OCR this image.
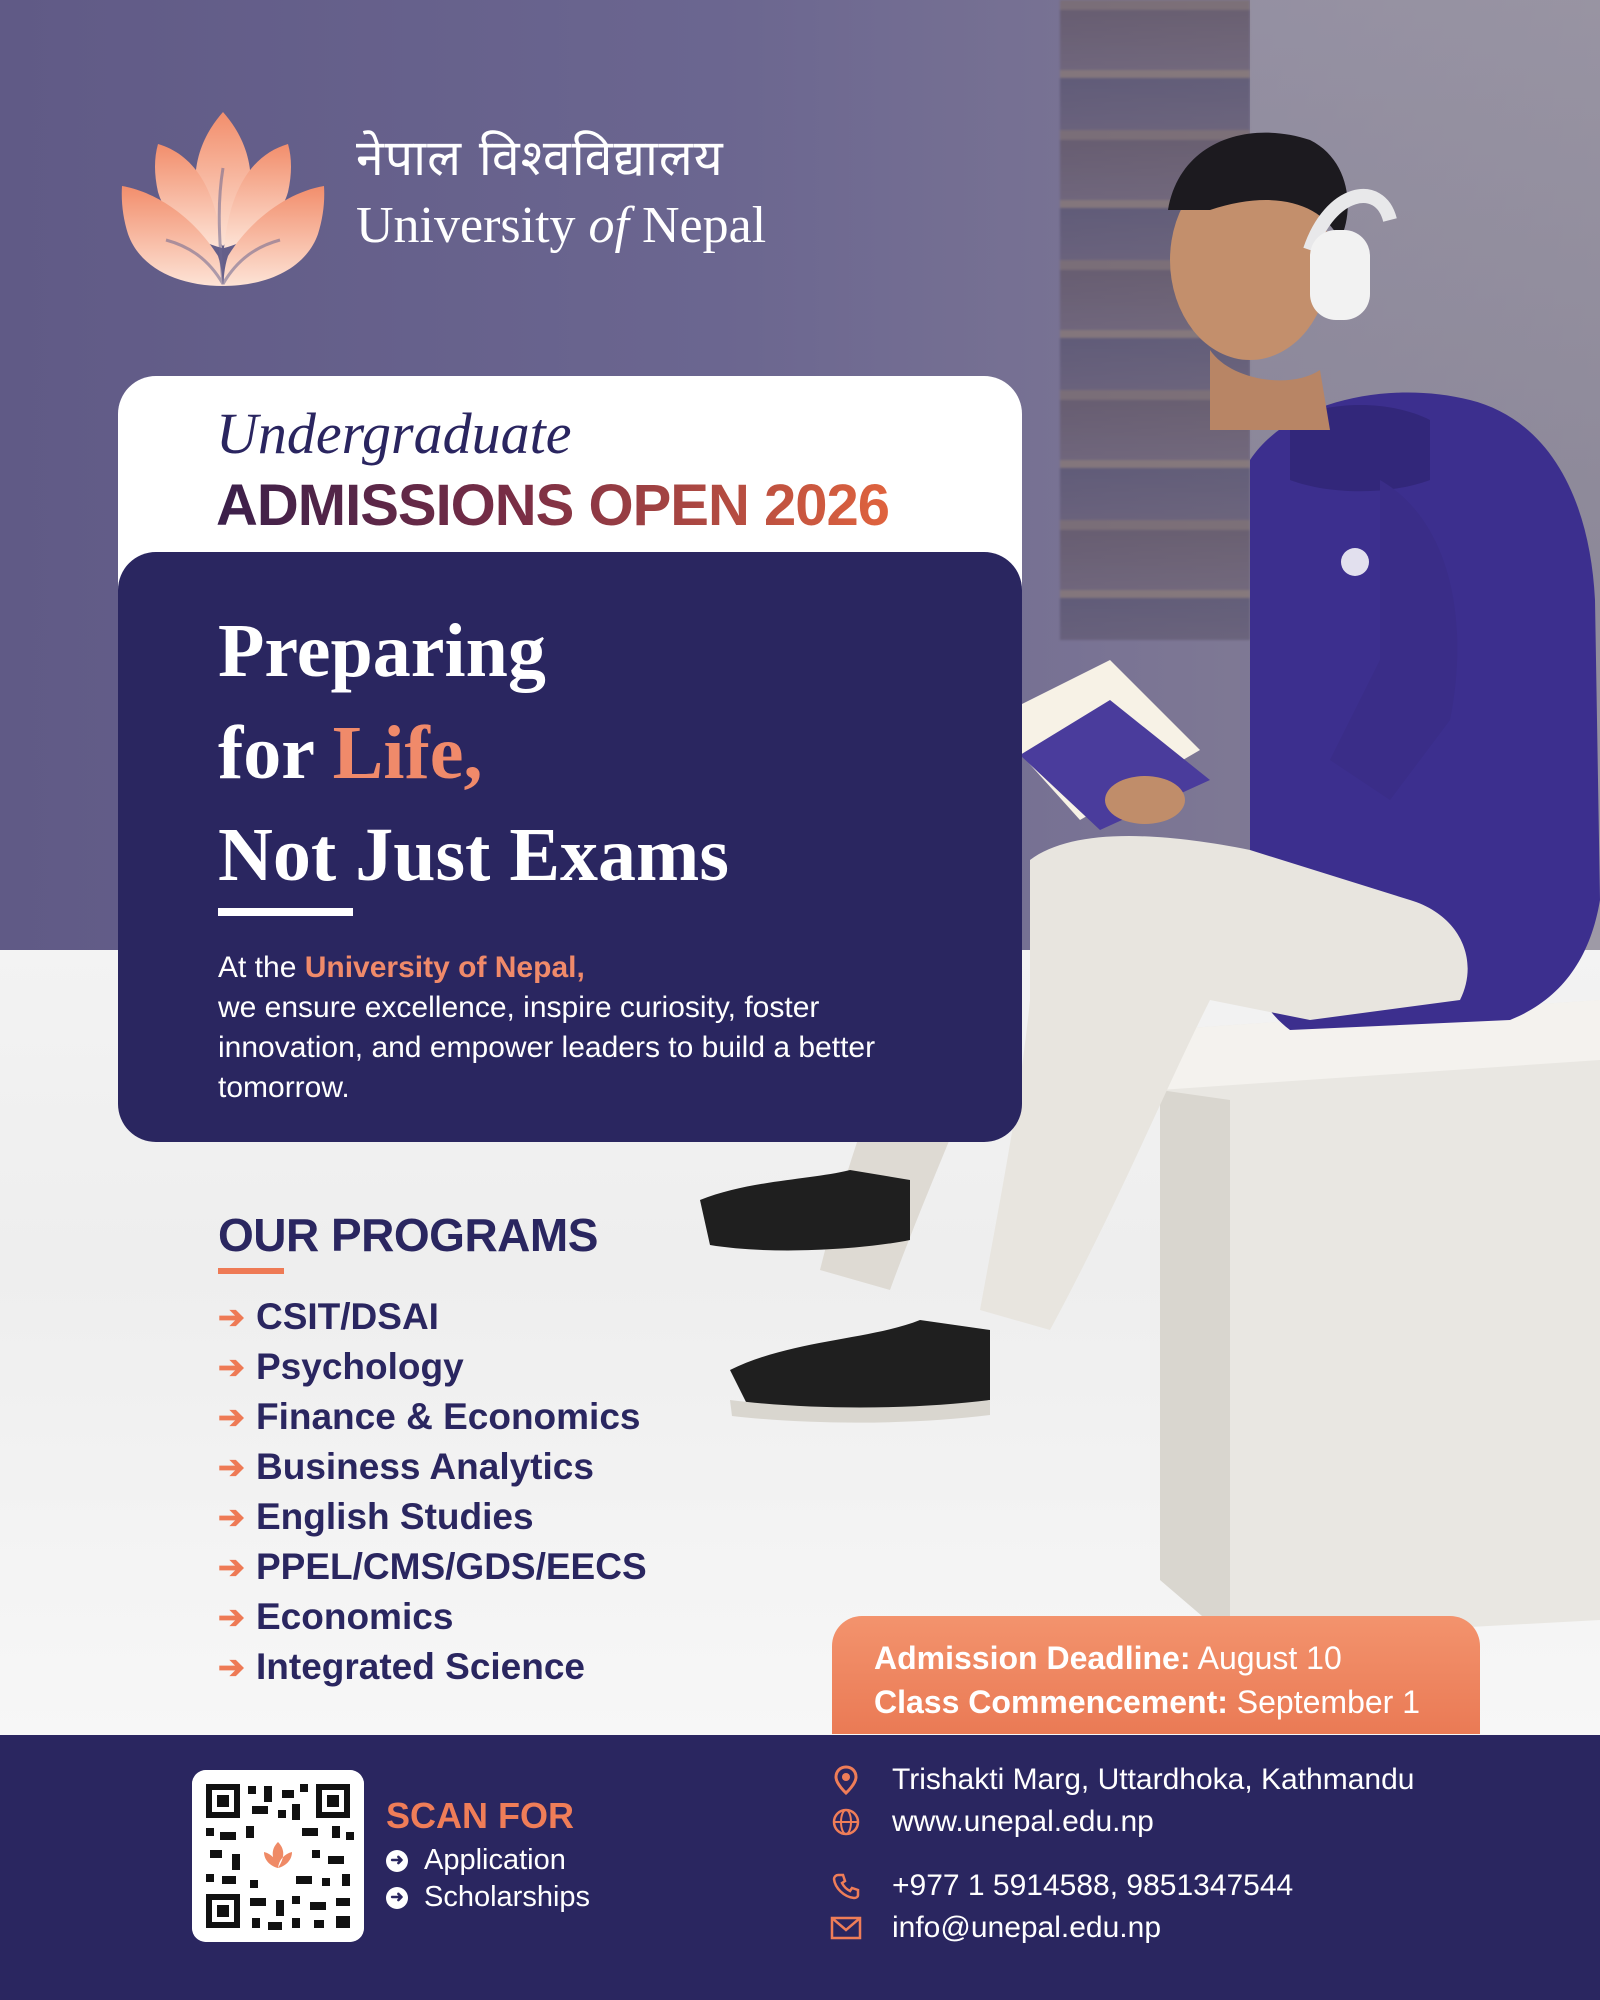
नेपाल विश्वविद्यालय
University of Nepal
Undergraduate
ADMISSIONS OPEN 2026
Preparing
for Life,
Not Just Exams
At the University of Nepal,
we ensure excellence, inspire curiosity, foster innovation, and empower leaders to build a better tomorrow.
OUR PROGRAMS
➔ CSIT/DSAI
➔ Psychology
➔ Finance & Economics
➔ Business Analytics
➔ English Studies
➔ PPEL/CMS/GDS/EECS
➔ Economics
➔ Integrated Science	Admission Deadline: August 10
Class Commencement: September 1
SCAN FOR
➜ Application
➜ Scholarships
Trishakti Marg, Uttardhoka, Kathmandu
www.unepal.edu.np
+977 1 5914588, 9851347544
info@unepal.edu.np
